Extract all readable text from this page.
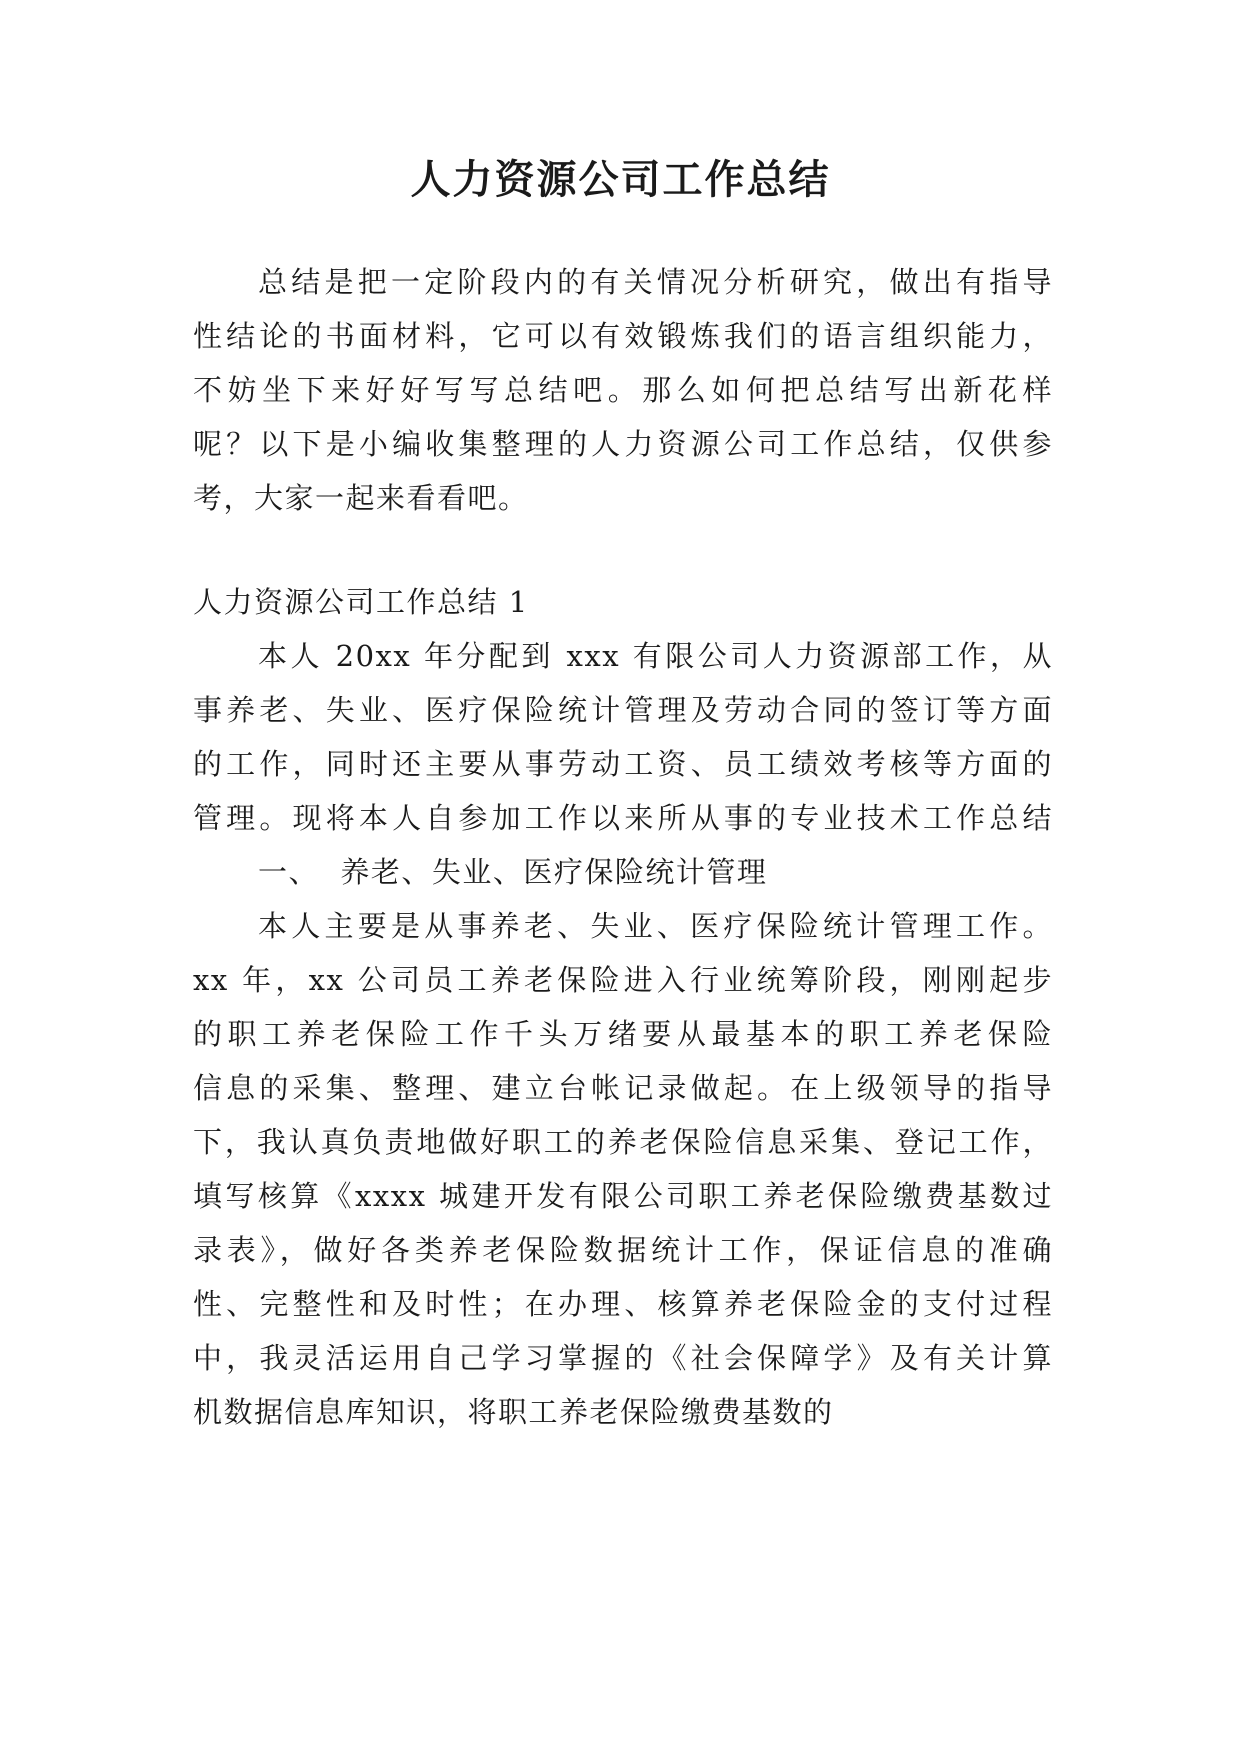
人力资源公司工作总结

总结是把一定阶段内的有关情况分析研究，做出有指导

性结论的书面材料，它可以有效锻炼我们的语言组织能力，

不妨坐下来好好写写总结吧。那么如何把总结写出新花样

呢？以下是小编收集整理的人力资源公司工作总结，仅供参

考，大家一起来看看吧。

人力资源公司工作总结 1

本人 20xx 年分配到 xxx 有限公司人力资源部工作，从

事养老、失业、医疗保险统计管理及劳动合同的签订等方面

的工作，同时还主要从事劳动工资、员工绩效考核等方面的

管理。现将本人自参加工作以来所从事的专业技术工作总结

一、  养老、失业、医疗保险统计管理

本人主要是从事养老、失业、医疗保险统计管理工作。

xx 年，xx 公司员工养老保险进入行业统筹阶段，刚刚起步

的职工养老保险工作千头万绪要从最基本的职工养老保险

信息的采集、整理、建立台帐记录做起。在上级领导的指导

下，我认真负责地做好职工的养老保险信息采集、登记工作，

填写核算《xxxx 城建开发有限公司职工养老保险缴费基数过

录表》，做好各类养老保险数据统计工作，保证信息的准确

性、完整性和及时性；在办理、核算养老保险金的支付过程

中，我灵活运用自己学习掌握的《社会保障学》及有关计算

机数据信息库知识，将职工养老保险缴费基数的
